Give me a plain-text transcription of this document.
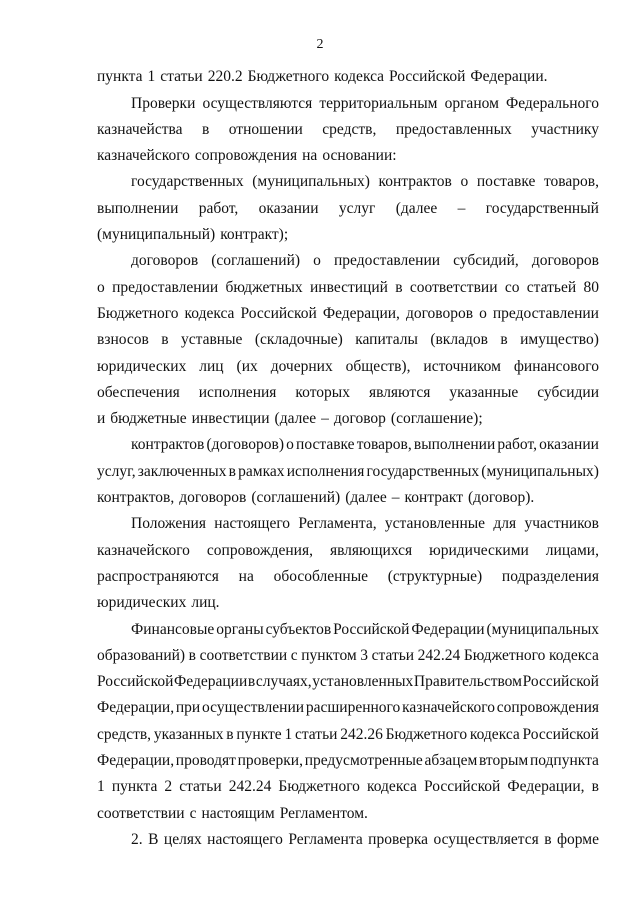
2
пункта 1 статьи 220.2 Бюджетного кодекса Российской Федерации.
Проверки осуществляются территориальным органом Федерального
казначейства в отношении средств, предоставленных участнику
казначейского сопровождения на основании:
государственных (муниципальных) контрактов о поставке товаров,
выполнении работ, оказании услуг (далее – государственный
(муниципальный) контракт);
договоров (соглашений) о предоставлении субсидий, договоров
о предоставлении бюджетных инвестиций в соответствии со статьей 80
Бюджетного кодекса Российской Федерации, договоров о предоставлении
взносов в уставные (складочные) капиталы (вкладов в имущество)
юридических лиц (их дочерних обществ), источником финансового
обеспечения исполнения которых являются указанные субсидии
и бюджетные инвестиции (далее – договор (соглашение);
контрактов (договоров) о поставке товаров, выполнении работ, оказании
услуг, заключенных в рамках исполнения государственных (муниципальных)
контрактов, договоров (соглашений) (далее – контракт (договор).
Положения настоящего Регламента, установленные для участников
казначейского сопровождения, являющихся юридическими лицами,
распространяются на обособленные (структурные) подразделения
юридических лиц.
Финансовые органы субъектов Российской Федерации (муниципальных
образований) в соответствии с пунктом 3 статьи 242.24 Бюджетного кодекса
Российской Федерации в случаях, установленных Правительством Российской
Федерации, при осуществлении расширенного казначейского сопровождения
средств, указанных в пункте 1 статьи 242.26 Бюджетного кодекса Российской
Федерации, проводят проверки, предусмотренные абзацем вторым подпункта
1 пункта 2 статьи 242.24 Бюджетного кодекса Российской Федерации, в
соответствии с настоящим Регламентом.
2. В целях настоящего Регламента проверка осуществляется в форме
